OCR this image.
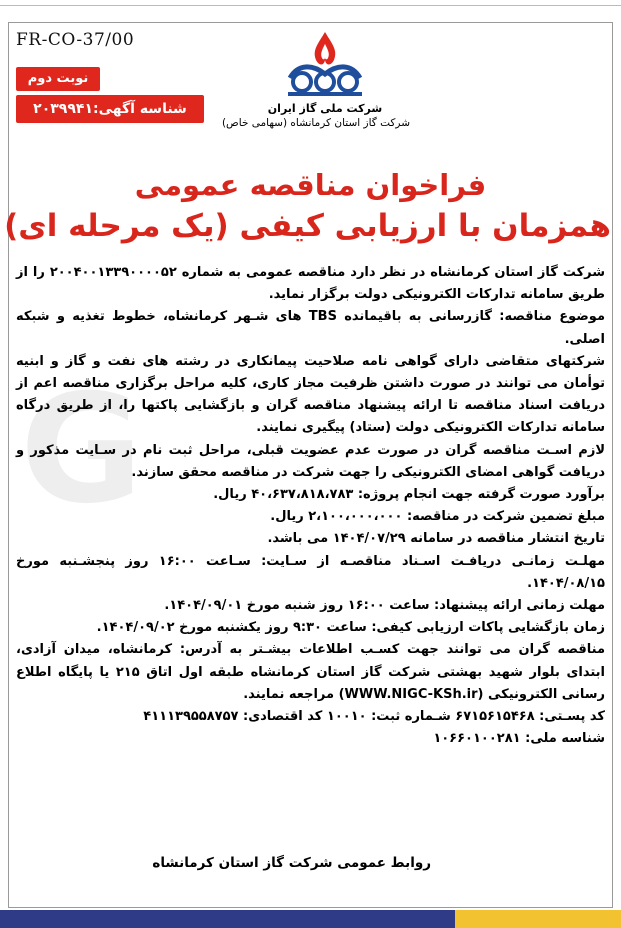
FR-CO-37/00
نوبت دوم
شناسه آگهی:۲۰۳۹۹۴۱	شرکت ملی گاز ایران
شرکت گاز استان کرمانشاه (سهامی خاص)
فراخوان مناقصه عمومی
همزمان با ارزیابی کیفی (یک مرحله ای)
G

شرکت گاز استان کرمانشاه در نظر دارد مناقصه عمومی به شماره ۲۰۰۴۰۰۱۳۳۹۰۰۰۰۵۲ را از طریق سامانه تدارکات الکترونیکی دولت برگزار نماید.

موضوع مناقصه: گازرسانی به باقیمانده TBS های شـهر کرمانشاه، خطوط تغذیه و شبکه اصلی.

شرکتهای متقاضی دارای گواهی نامه صلاحیت پیمانکاری در رشته های نفت و گاز و ابنیه توأمان می توانند در صورت داشتن ظرفیت مجاز کاری، کلیه مراحل برگزاری مناقصه اعم از دریافت اسناد مناقصه تا ارائه پیشنهاد مناقصه گران و بازگشایی پاکتها را، از طریق درگاه سامانه تدارکات الکترونیکی دولت (ستاد) پیگیری نمایند.

لازم اسـت مناقصه گران در صورت عدم عضویت قبلی، مراحل ثبت نام در سـایت مذکور و دریافت گواهی امضای الکترونیکی را جهت شرکت در مناقصه محقق سازند.

برآورد صورت گرفته جهت انجام پروژه: ۴۰،۶۳۷،۸۱۸،۷۸۳ ریال.

مبلغ تضمین شرکت در مناقصه: ۲،۱۰۰،۰۰۰،۰۰۰ ریال.

تاریخ انتشار مناقصه در سامانه ۱۴۰۴/۰۷/۲۹ می باشد.

مهلـت زمانـی دریافـت اسـناد مناقصـه از سـایت: سـاعت ۱۶:۰۰ روز پنجشـنبه مورخ ۱۴۰۴/۰۸/۱۵.

مهلت زمانی ارائه پیشنهاد: ساعت ۱۶:۰۰ روز شنبه مورخ ۱۴۰۴/۰۹/۰۱.

زمان بازگشایی پاکات ارزیابی کیفی: ساعت ۹:۳۰ روز یکشنبه مورخ ۱۴۰۴/۰۹/۰۲.

مناقصه گران می توانند جهت کسـب اطلاعات بیشـتر به آدرس: کرمانشاه، میدان آزادی، ابتدای بلوار شهید بهشتی شرکت گاز استان کرمانشاه طبقه اول اتاق ۲۱۵ یا پایگاه اطلاع رسانی الکترونیکی (WWW.NIGC-KSh.ir) مراجعه نمایند.

کد پسـتی: ۶۷۱۵۶۱۵۴۶۸ شـماره ثبت: ۱۰۰۱۰ کد اقتصادی: ۴۱۱۱۳۹۵۵۸۷۵۷

شناسه ملی: ۱۰۶۶۰۱۰۰۲۸۱

روابط عمومی شرکت گاز استان کرمانشاه
